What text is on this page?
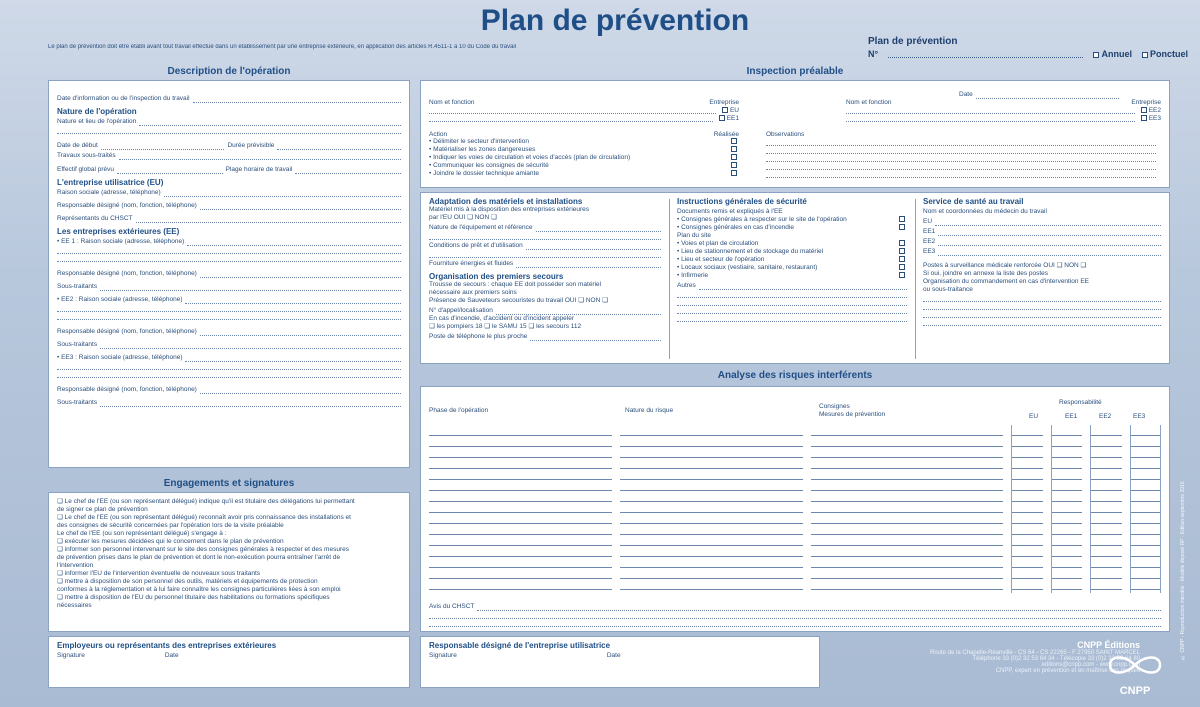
Plan de prévention
Le plan de prévention doit être établi avant tout travail effectué dans un établissement par une entreprise extérieure, en application des articles R.4511-1 à 10 du Code du travail	Plan de prévention
N°	Annuel	Ponctuel
Description de l'opération
Date d'information ou de l'inspection du travail
Nature de l'opération
Nature et lieu de l'opération
Date de début	Durée prévisible
Travaux sous-traités
Effectif global prévu	Plage horaire de travail
L'entreprise utilisatrice (EU)
Raison sociale (adresse, téléphone)
Responsable désigné (nom, fonction, téléphone)
Représentants du CHSCT
Les entreprises extérieures (EE)
• EE 1 : Raison sociale (adresse, téléphone)
Responsable désigné (nom, fonction, téléphone)
Sous-traitants
• EE2 : Raison sociale (adresse, téléphone)
Responsable désigné (nom, fonction, téléphone)
Sous-traitants
• EE3 : Raison sociale (adresse, téléphone)
Responsable désigné (nom, fonction, téléphone)
Sous-traitants
Engagements et signatures
❑ Le chef de l'EE (ou son représentant délégué) indique qu'il est titulaire des délégations lui permettant
de signer ce plan de prévention
❑ Le chef de l'EE (ou son représentant délégué) reconnaît avoir pris connaissance des installations et
des consignes de sécurité concernées par l'opération lors de la visite préalable
Le chef de l'EE (ou son représentant délégué) s'engage à :
❑ exécuter les mesures décidées qui le concernent dans le plan de prévention
❑ informer son personnel intervenant sur le site des consignes générales à respecter et des mesures
de prévention prises dans le plan de prévention et dont le non-exécution pourra entraîner l'arrêt de
l'intervention
❑ informer l'EU de l'intervention éventuelle de nouveaux sous traitants
❑ mettre à disposition de son personnel des outils, matériels et équipements de protection
conformes à la réglementation et à lui faire connaître les consignes particulières liées à son emploi
❑ mettre à disposition de l'EU du personnel titulaire des habilitations ou formations spécifiques
nécessaires
Employeurs ou représentants des entreprises extérieures
Signature	Date
Inspection préalable
Date
Nom et fonction	Entreprise
EU
EE1
Nom et fonction	Entreprise
EE2
EE3
Action	Réalisée
• Délimiter le secteur d'intervention
• Matérialiser les zones dangereuses
• Indiquer les voies de circulation et voies d'accès (plan de circulation)
• Communiquer les consignes de sécurité
• Joindre le dossier technique amiante
Observations
Adaptation des matériels et installations
Matériel mis à la disposition des entreprises extérieures
par l'EU OUI ❑ NON ❑
Nature de l'équipement et référence
Conditions de prêt et d'utilisation
Fourniture énergies et fluides
Organisation des premiers secours
Trousse de secours : chaque EE doit posséder son matériel
nécessaire aux premiers soins
Présence de Sauveteurs secouristes du travail OUI ❑ NON ❑
N° d'appel/localisation
En cas d'incendie, d'accident ou d'incident appeler
❑ les pompiers 18 ❑ le SAMU 15 ❑ les secours 112
Poste de téléphone le plus proche
Instructions générales de sécurité
Documents remis et expliqués à l'EE
• Consignes générales à respecter sur le site de l'opération
• Consignes générales en cas d'incendie
Plan du site
• Voies et plan de circulation
• Lieu de stationnement et de stockage du matériel
• Lieu et secteur de l'opération
• Locaux sociaux (vestiaire, sanitaire, restaurant)
• Infirmerie
Autres
Service de santé au travail
Nom et coordonnées du médecin du travail
EU
EE1
EE2
EE3
Postes à surveillance médicale renforcée OUI ❑ NON ❑
Si oui, joindre en annexe la liste des postes
Organisation du commandement en cas d'intervention EE
ou sous-traitance
Analyse des risques interférents
Phase de l'opération	Nature du risque
Consignes
Mesures de prévention
Responsabilité
EU	EE1	EE2	EE3
Avis du CHSCT
Responsable désigné de l'entreprise utilisatrice
Signature	Date
CNPP Éditions
Route de la Chapelle-Réanville - CS 64 - CS 22265 - F 27950 SAINT MARCEL
Téléphone 33 (0)2 32 53 64 34 - Télécopie 33 (0)2 32 53 64 80
editions@cnpp.com - www.cnpp.com
CNPP, expert en prévention et en maîtrise des risques
CNPP
© CNPP - Reproduction interdite - Modèle déposé RP - Édition septembre 2016
